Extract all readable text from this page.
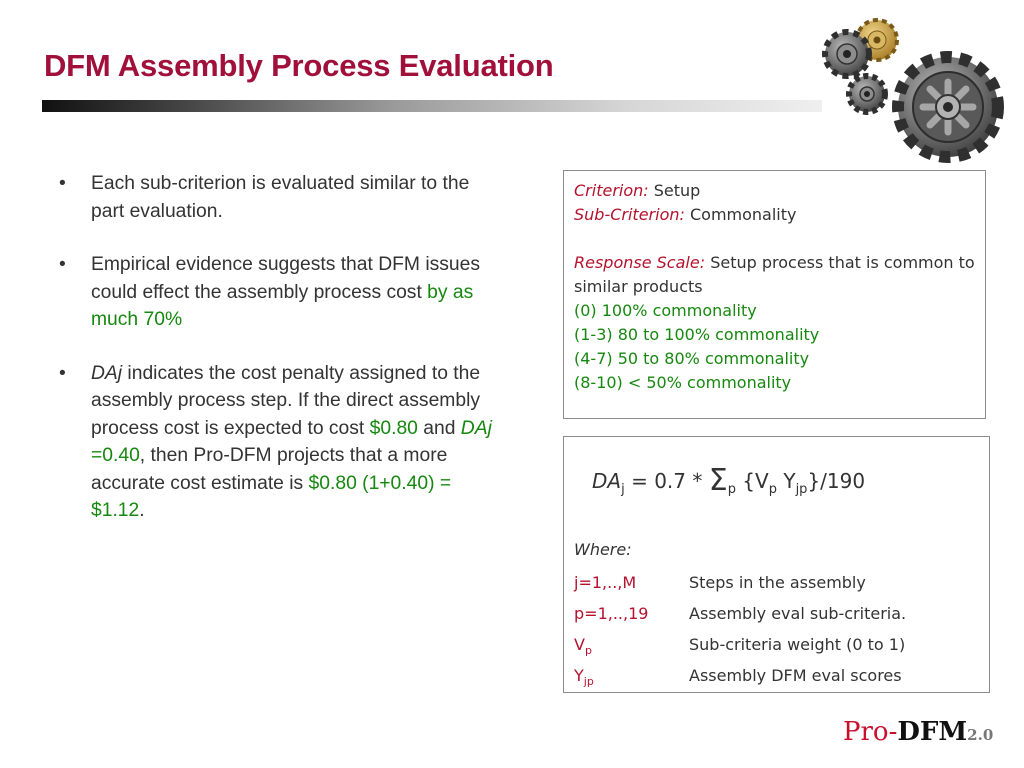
DFM Assembly Process Evaluation
• Each sub-criterion is evaluated similar to the part evaluation.
• Empirical evidence suggests that DFM issues could effect the assembly process cost by as much 70%
• DAj indicates the cost penalty assigned to the assembly process step. If the direct assembly process cost is expected to cost $0.80 and DAj =0.40, then Pro-DFM projects that a more accurate cost estimate is $0.80 (1+0.40) = $1.12.
Criterion: Setup
Sub-Criterion: Commonality
Response Scale: Setup process that is common to similar products
(0) 100% commonality
(1-3) 80 to 100% commonality
(4-7) 50 to 80% commonality
(8-10) < 50% commonality
$DA_j = 0.7 * \Sigma_p$ {$V_p$ $Y_{jp}\}/190$
Where:
j=1,..,M	Steps in the assembly
p=1,..,19	Assembly eval sub-criteria.
$V_p$	Sub-criteria weight (0 to 1)
$Y_{jp}$	Assembly DFM eval scores
Pro-DFM2.0
